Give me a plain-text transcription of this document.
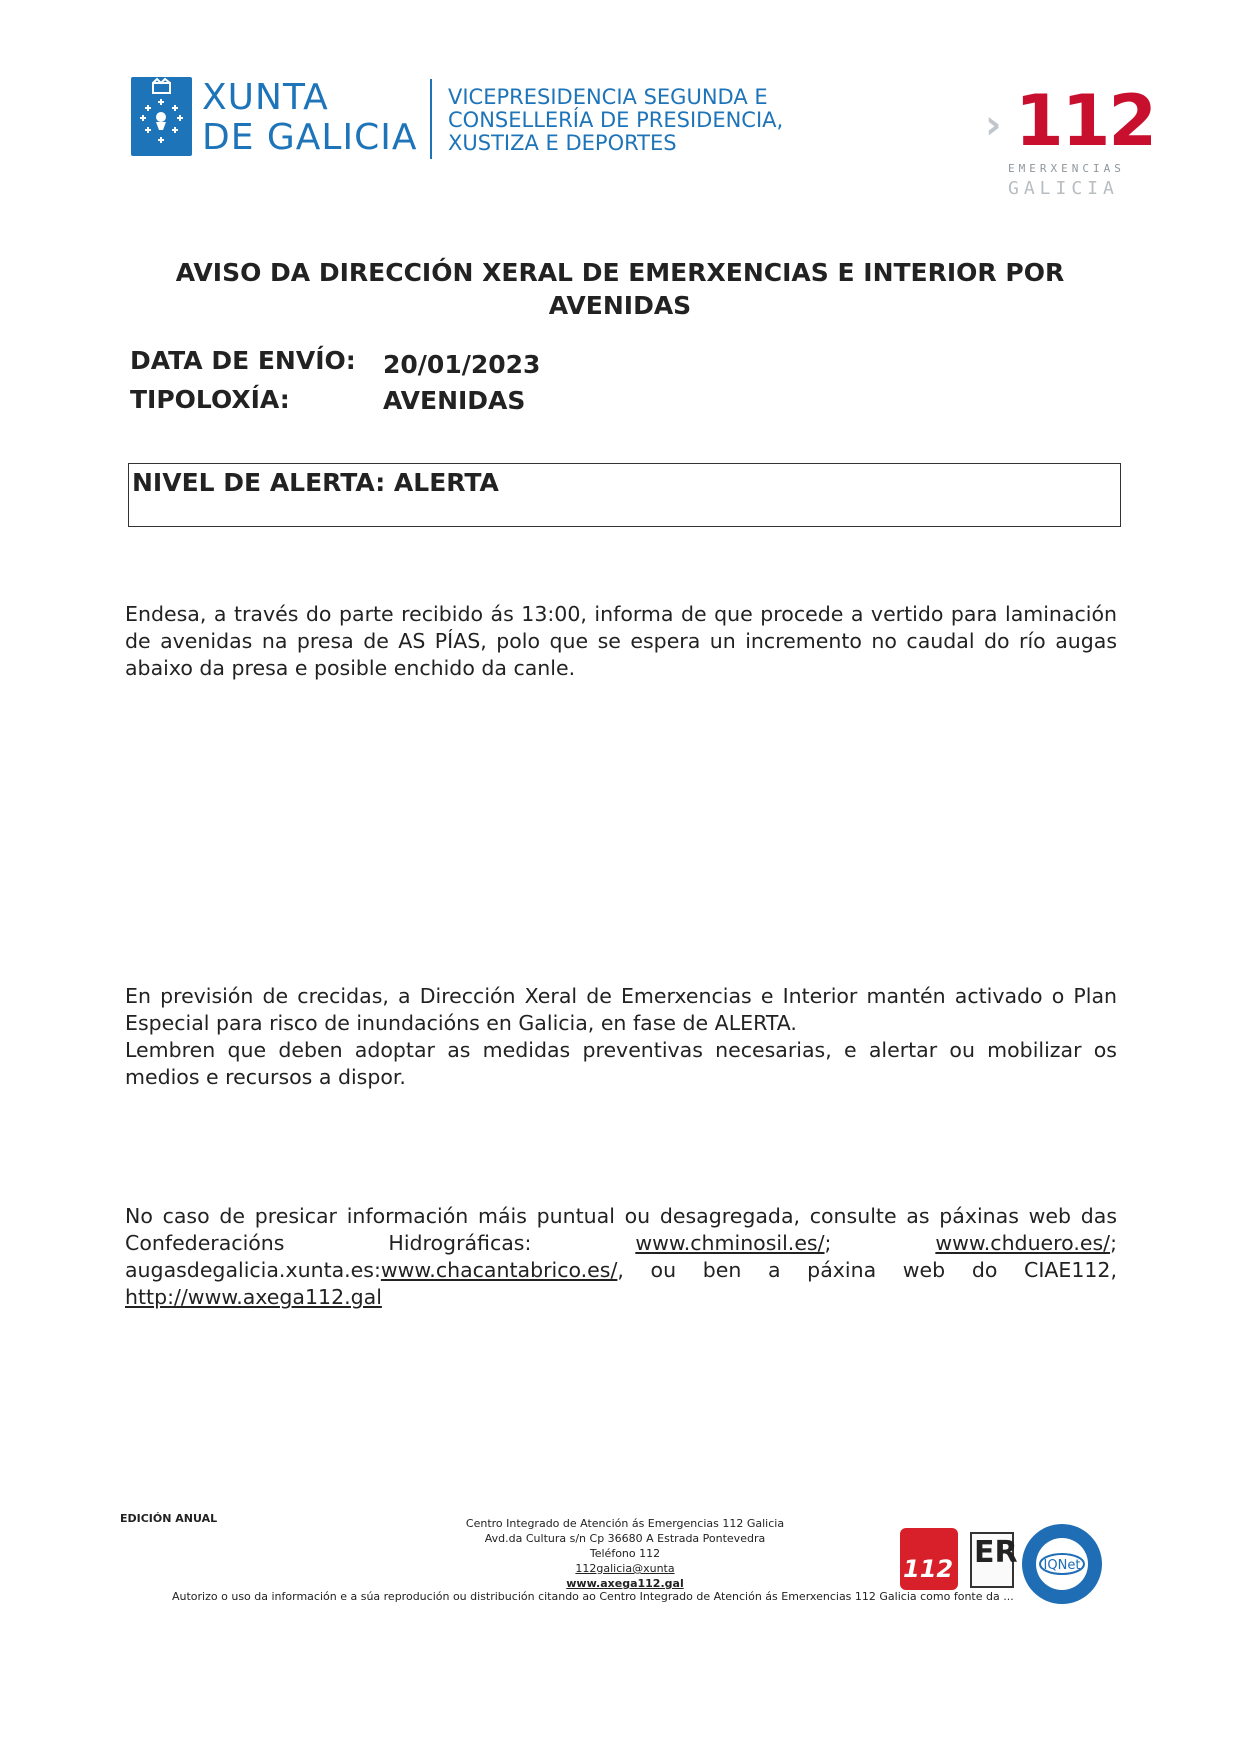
XUNTA
DE GALICIA
VICEPRESIDENCIA SEGUNDA E
CONSELLERÍA DE PRESIDENCIA,
XUSTIZA E DEPORTES	› 112
EMERXENCIAS
GALICIA
AVISO DA DIRECCIÓN XERAL DE EMERXENCIAS E INTERIOR POR
AVENIDAS
DATA DE ENVÍO: 20/01/2023
TIPOLOXÍA:	AVENIDAS
NIVEL DE ALERTA: ALERTA
Endesa, a través do parte recibido ás 13:00, informa de que procede a vertido para laminación de avenidas na presa de AS PÍAS, polo que se espera un incremento no caudal do río augas abaixo da presa e posible enchido da canle.
En previsión de crecidas, a Dirección Xeral de Emerxencias e Interior mantén activado o Plan Especial para risco de inundacións en Galicia, en fase de ALERTA.
Lembren que deben adoptar as medidas preventivas necesarias, e alertar ou mobilizar os medios e recursos a dispor.
No caso de presicar información máis puntual ou desagregada, consulte as páxinas web das Confederacións Hidrográficas: www.chminosil.es/; www.chduero.es/; augasdegalicia.xunta.es:www.chacantabrico.es/, ou ben a páxina web do CIAE112, http://www.axega112.gal
EDICIÓN ANUAL	Centro Integrado de Atención ás Emergencias 112 Galicia
Avd.da Cultura s/n Cp 36680 A Estrada Pontevedra
Teléfono 112
112galicia@xunta
www.axega112.gal
Autorizo o uso da información e a súa reprodución ou distribución citando ao Centro Integrado de Atención ás Emerxencias 112 Galicia como fonte da ...
112 ER IQNet
